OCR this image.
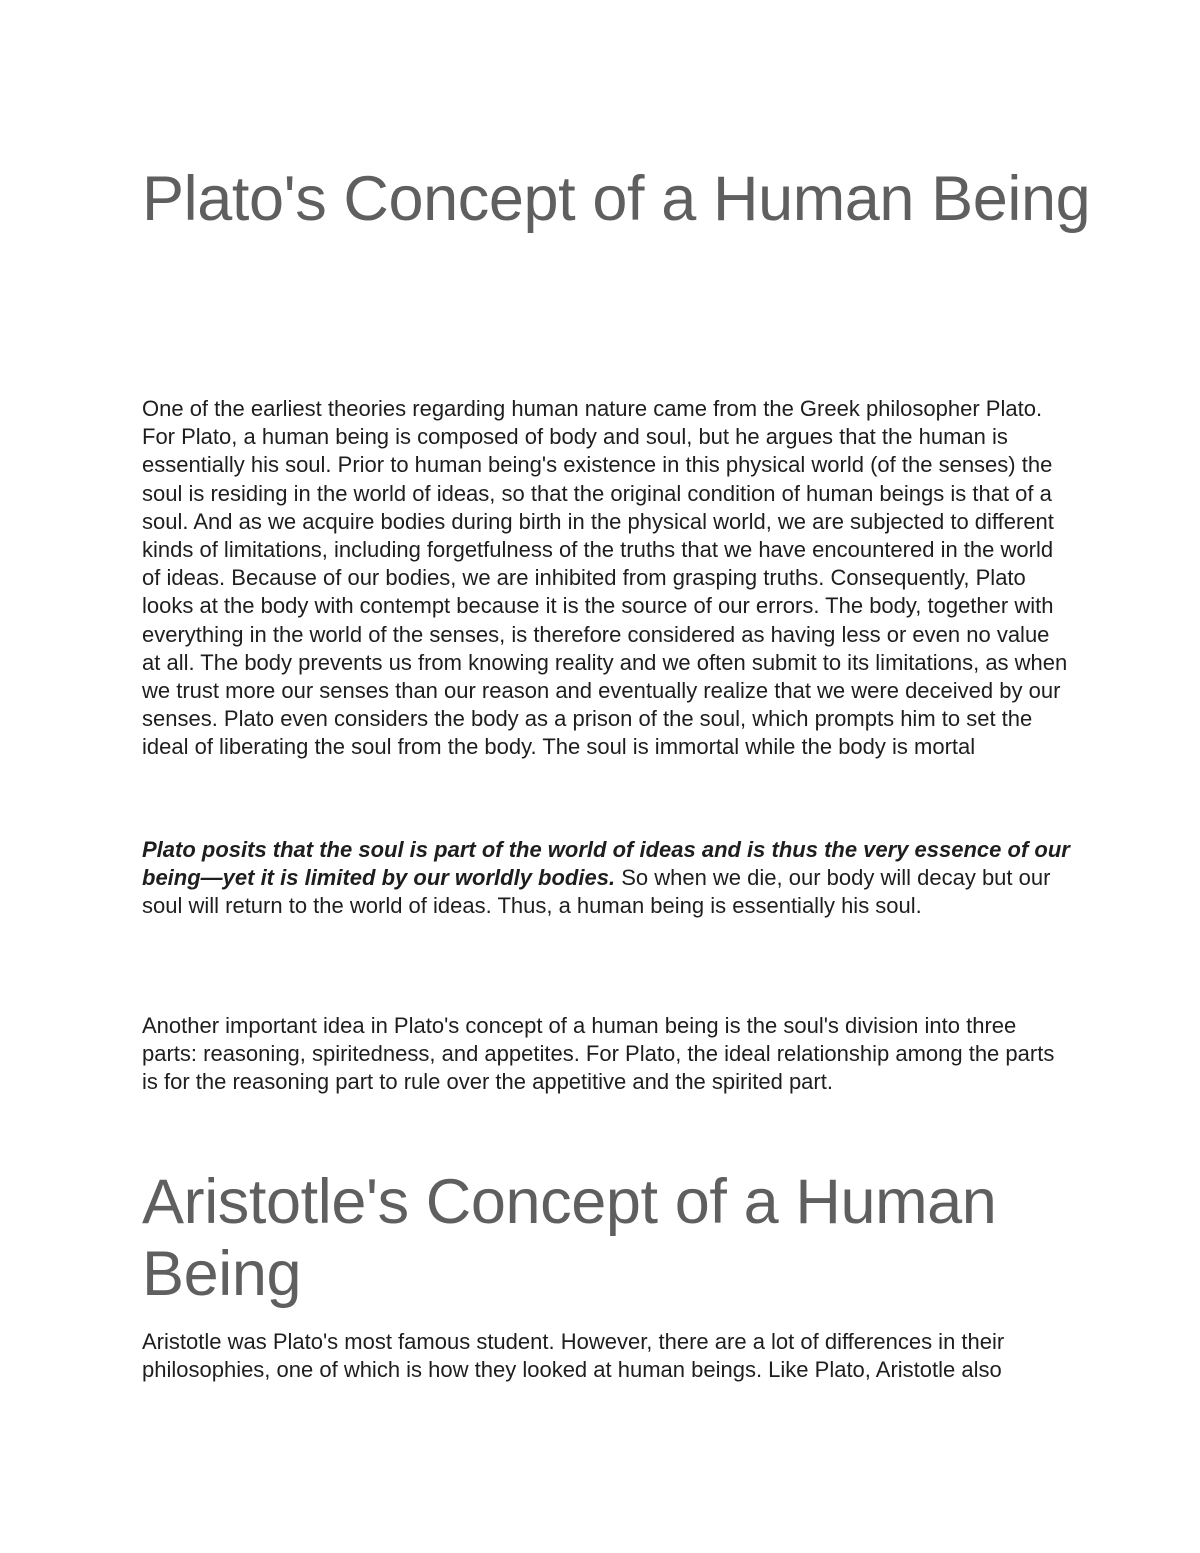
Plato's Concept of a Human Being

One of the earliest theories regarding human nature came from the Greek philosopher Plato. For Plato, a human being is composed of body and soul, but he argues that the human is essentially his soul. Prior to human being's existence in this physical world (of the senses) the soul is residing in the world of ideas, so that the original condition of human beings is that of a soul. And as we acquire bodies during birth in the physical world, we are subjected to different kinds of limitations, including forgetfulness of the truths that we have encountered in the world of ideas. Because of our bodies, we are inhibited from grasping truths. Consequently, Plato looks at the body with contempt because it is the source of our errors. The body, together with everything in the world of the senses, is therefore considered as having less or even no value at all. The body prevents us from knowing reality and we often submit to its limitations, as when we trust more our senses than our reason and eventually realize that we were deceived by our senses. Plato even considers the body as a prison of the soul, which prompts him to set the ideal of liberating the soul from the body. The soul is immortal while the body is mortal

Plato posits that the soul is part of the world of ideas and is thus the very essence of our being—yet it is limited by our worldly bodies. So when we die, our body will decay but our soul will return to the world of ideas. Thus, a human being is essentially his soul.

Another important idea in Plato's concept of a human being is the soul's division into three parts: reasoning, spiritedness, and appetites. For Plato, the ideal relationship among the parts is for the reasoning part to rule over the appetitive and the spirited part.

Aristotle's Concept of a Human Being

Aristotle was Plato's most famous student. However, there are a lot of differences in their philosophies, one of which is how they looked at human beings. Like Plato, Aristotle also
